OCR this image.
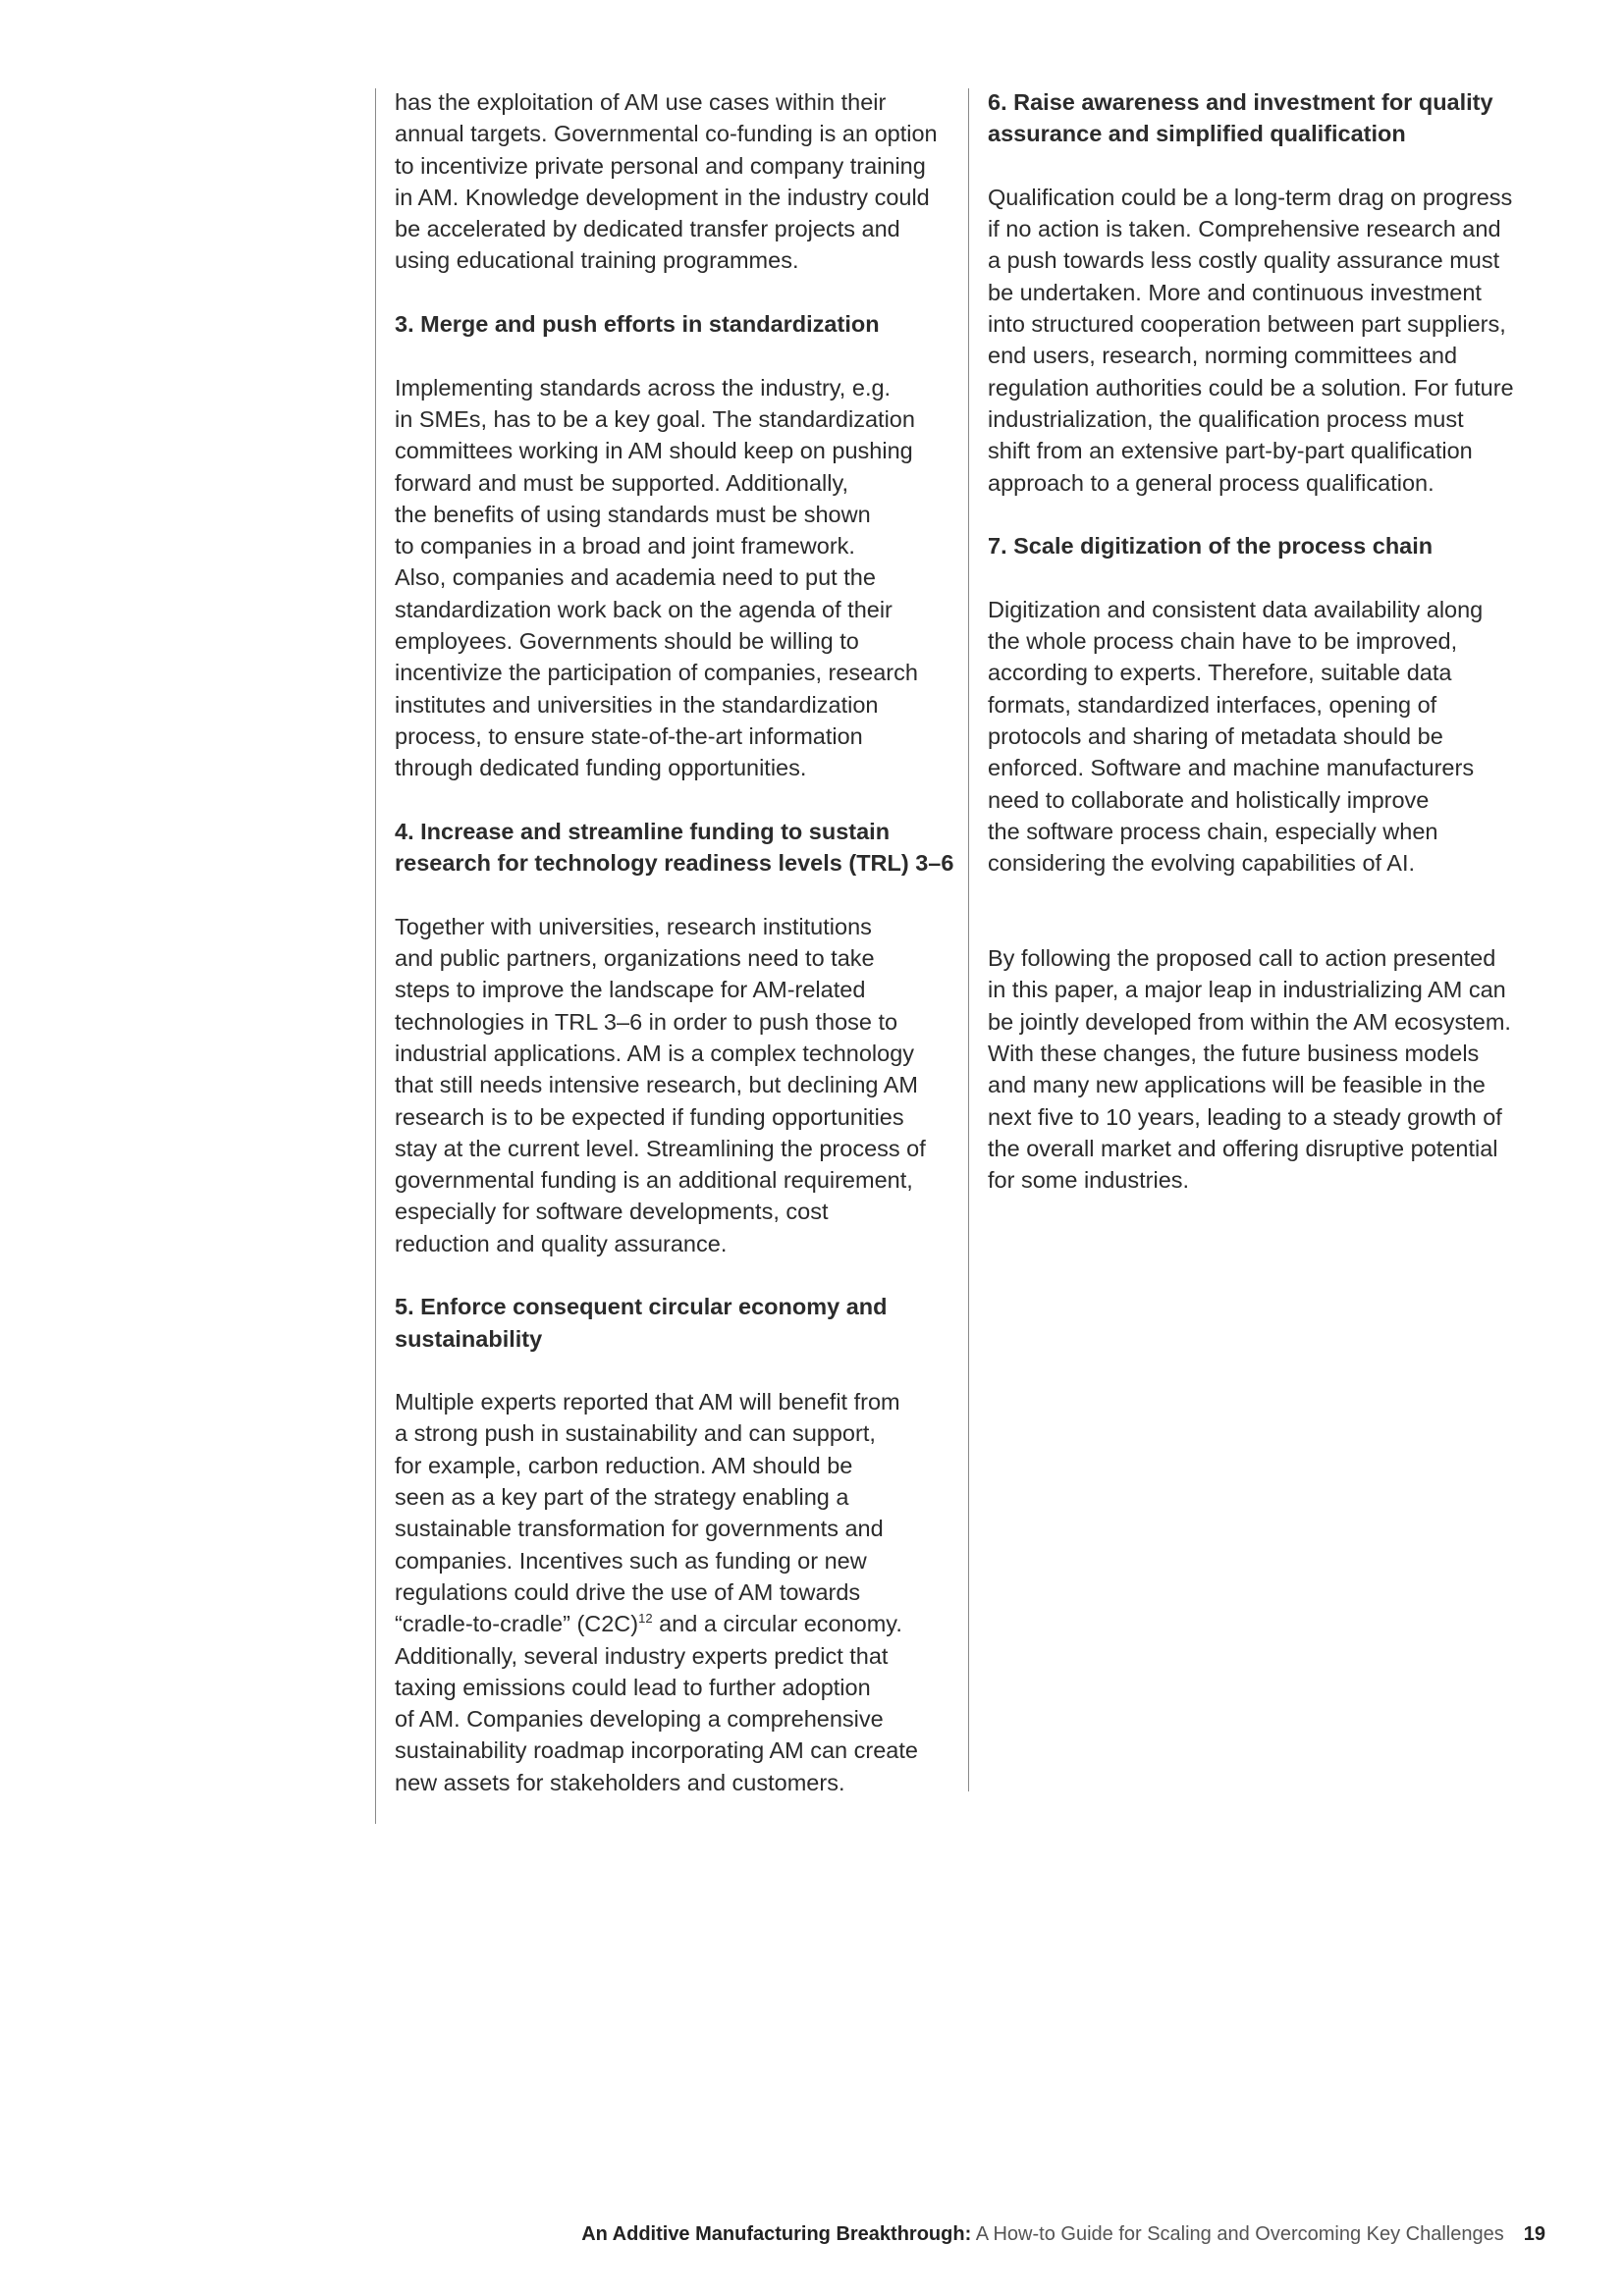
has the exploitation of AM use cases within their
annual targets. Governmental co-funding is an option
to incentivize private personal and company training
in AM. Knowledge development in the industry could
be accelerated by dedicated transfer projects and
using educational training programmes.

3. Merge and push efforts in standardization

Implementing standards across the industry, e.g.
in SMEs, has to be a key goal. The standardization
committees working in AM should keep on pushing
forward and must be supported. Additionally,
the benefits of using standards must be shown
to companies in a broad and joint framework.
Also, companies and academia need to put the
standardization work back on the agenda of their
employees. Governments should be willing to
incentivize the participation of companies, research
institutes and universities in the standardization
process, to ensure state-of-the-art information
through dedicated funding opportunities.

4. Increase and streamline funding to sustain
research for technology readiness levels (TRL) 3–6

Together with universities, research institutions
and public partners, organizations need to take
steps to improve the landscape for AM-related
technologies in TRL 3–6 in order to push those to
industrial applications. AM is a complex technology
that still needs intensive research, but declining AM
research is to be expected if funding opportunities
stay at the current level. Streamlining the process of
governmental funding is an additional requirement,
especially for software developments, cost
reduction and quality assurance.

5. Enforce consequent circular economy and
sustainability

Multiple experts reported that AM will benefit from
a strong push in sustainability and can support,
for example, carbon reduction. AM should be
seen as a key part of the strategy enabling a
sustainable transformation for governments and
companies. Incentives such as funding or new
regulations could drive the use of AM towards
“cradle-to-cradle” $(C2C)^{12}$ and a circular economy.
Additionally, several industry experts predict that
taxing emissions could lead to further adoption
of AM. Companies developing a comprehensive
sustainability roadmap incorporating AM can create
new assets for stakeholders and customers.

6. Raise awareness and investment for quality
assurance and simplified qualification

Qualification could be a long-term drag on progress
if no action is taken. Comprehensive research and
a push towards less costly quality assurance must
be undertaken. More and continuous investment
into structured cooperation between part suppliers,
end users, research, norming committees and
regulation authorities could be a solution. For future
industrialization, the qualification process must
shift from an extensive part-by-part qualification
approach to a general process qualification.

7. Scale digitization of the process chain

Digitization and consistent data availability along
the whole process chain have to be improved,
according to experts. Therefore, suitable data
formats, standardized interfaces, opening of
protocols and sharing of metadata should be
enforced. Software and machine manufacturers
need to collaborate and holistically improve
the software process chain, especially when
considering the evolving capabilities of AI.

By following the proposed call to action presented
in this paper, a major leap in industrializing AM can
be jointly developed from within the AM ecosystem.
With these changes, the future business models
and many new applications will be feasible in the
next five to 10 years, leading to a steady growth of
the overall market and offering disruptive potential
for some industries.

An Additive Manufacturing Breakthrough: A How-to Guide for Scaling and Overcoming Key Challenges 19
